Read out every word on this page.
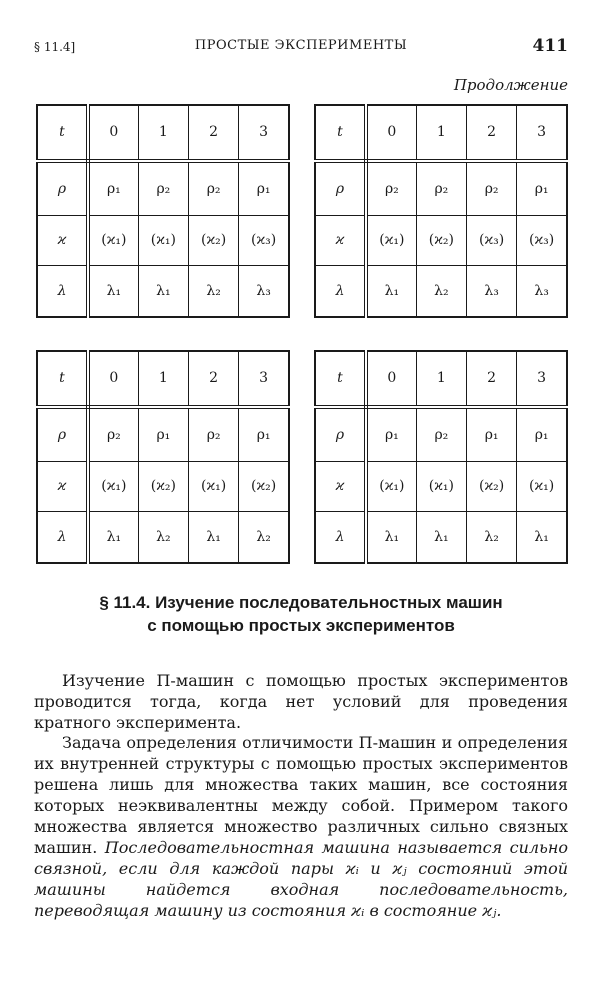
§ 11.4]	ПРОСТЫЕ ЭКСПЕРИМЕНТЫ	411
Продолжение
t	0	1	2	3
ρ	ρ₁	ρ₂	ρ₂	ρ₁
ϰ	(ϰ₁)	(ϰ₁)	(ϰ₂)	(ϰ₃)
λ	λ₁	λ₁	λ₂	λ₃
t	0	1	2	3
ρ	ρ₂	ρ₂	ρ₂	ρ₁
ϰ	(ϰ₁)	(ϰ₂)	(ϰ₃)	(ϰ₃)
λ	λ₁	λ₂	λ₃	λ₃
t	0	1	2	3
ρ	ρ₂	ρ₁	ρ₂	ρ₁
ϰ	(ϰ₁)	(ϰ₂)	(ϰ₁)	(ϰ₂)
λ	λ₁	λ₂	λ₁	λ₂
t	0	1	2	3
ρ	ρ₁	ρ₂	ρ₁	ρ₁
ϰ	(ϰ₁)	(ϰ₁)	(ϰ₂)	(ϰ₁)
λ	λ₁	λ₁	λ₂	λ₁
§ 11.4. Изучение последовательностных машин
с помощью простых экспериментов

Изучение П-машин с помощью простых экспериментов проводится тогда, когда нет условий для проведения кратного эксперимента.

Задача определения отличимости П-машин и определения их внутренней структуры с помощью простых экспериментов решена лишь для множества таких машин, все состояния которых неэквивалентны между собой. Примером такого множества является множество различных сильно связных машин. Последовательностная машина называется сильно связной, если для каждой пары ϰᵢ и ϰⱼ состояний этой машины найдется входная последовательность, переводящая машину из состояния ϰᵢ в состояние ϰⱼ.
